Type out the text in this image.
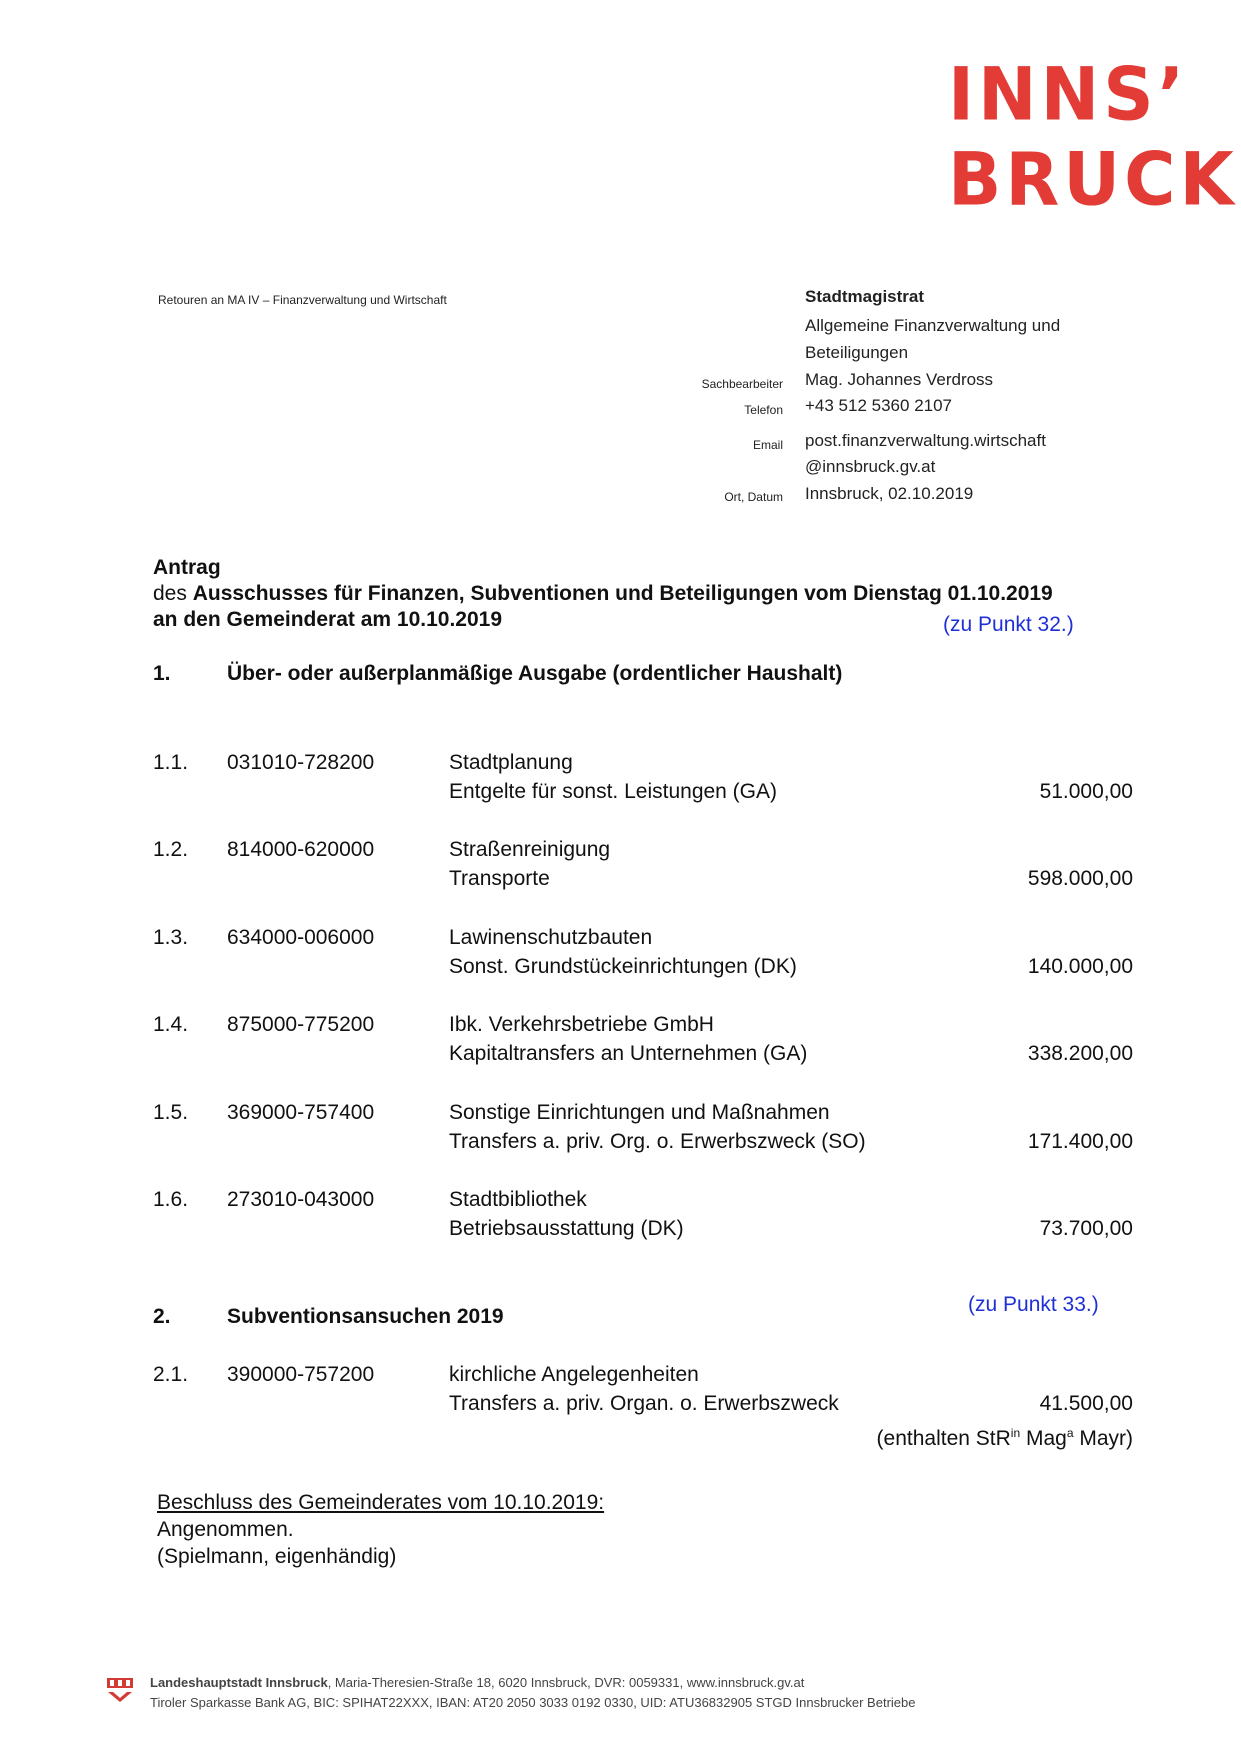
INNS’
BRUCK
Retouren an MA IV – Finanzverwaltung und Wirtschaft	Stadtmagistrat
Allgemeine Finanzverwaltung und
Beteiligungen
Sachbearbeiter Mag. Johannes Verdross
Telefon +43 512 5360 2107
Email post.finanzverwaltung.wirtschaft
@innsbruck.gv.at
Ort, Datum Innsbruck, 02.10.2019
Antrag
des Ausschusses für Finanzen, Subventionen und Beteiligungen vom Dienstag 01.10.2019
an den Gemeinderat am 10.10.2019	(zu Punkt 32.)
1.	Über- oder außerplanmäßige Ausgabe (ordentlicher Haushalt)
1.1. 031010-728200	Stadtplanung
Entgelte für sonst. Leistungen (GA)	51.000,00
1.2. 814000-620000	Straßenreinigung
Transporte	598.000,00
1.3. 634000-006000	Lawinenschutzbauten
Sonst. Grundstückeinrichtungen (DK)	140.000,00
1.4. 875000-775200	Ibk. Verkehrsbetriebe GmbH
Kapitaltransfers an Unternehmen (GA)	338.200,00
1.5. 369000-757400	Sonstige Einrichtungen und Maßnahmen
Transfers a. priv. Org. o. Erwerbszweck (SO)	171.400,00
1.6. 273010-043000	Stadtbibliothek
Betriebsausstattung (DK)	73.700,00
(zu Punkt 33.)
2.	Subventionsansuchen 2019
2.1. 390000-757200	kirchliche Angelegenheiten
Transfers a. priv. Organ. o. Erwerbszweck	41.500,00
(enthalten StR$^{in}$ Mag$^a$ Mayr)
Beschluss des Gemeinderates vom 10.10.2019:
Angenommen.
(Spielmann, eigenhändig)
Landeshauptstadt Innsbruck, Maria-Theresien-Straße 18, 6020 Innsbruck, DVR: 0059331, www.innsbruck.gv.at
Tiroler Sparkasse Bank AG, BIC: SPIHAT22XXX, IBAN: AT20 2050 3033 0192 0330, UID: ATU36832905 STGD Innsbrucker Betriebe
